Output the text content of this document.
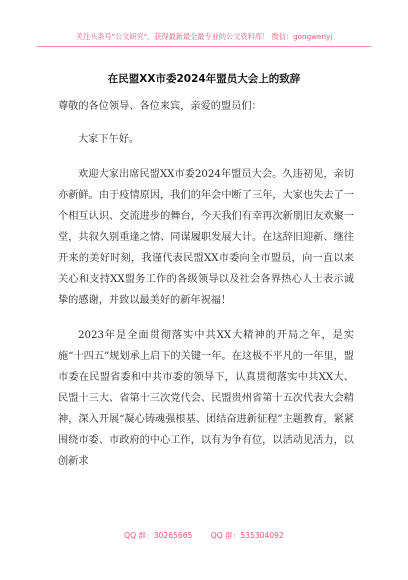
关注头条号"公文研究"，获得最新最全最专业的公文资料库！ 微信：gongwenyj
在民盟XX市委2024年盟员大会上的致辞

尊敬的各位领导、各位来宾，亲爱的盟员们：

大家下午好。

欢迎大家出席民盟XX市委2024年盟员大会。久违初见，亲切亦新鲜。由于疫情原因，我们的年会中断了三年，大家也失去了一个相互认识、交流进步的舞台，今天我们有幸再次新朋旧友欢聚一堂，共叙久别重逢之情、同谋履职发展大计。在这辞旧迎新、继往开来的美好时刻，我谨代表民盟XX市委向全市盟员，向一直以来关心和支持XX盟务工作的各级领导以及社会各界热心人士表示诚挚的感谢，并致以最美好的新年祝福！

2023年是全面贯彻落实中共XX大精神的开局之年，是实施“十四五”规划承上启下的关键一年。在这极不平凡的一年里，盟市委在民盟省委和中共市委的领导下，认真贯彻落实中共XX大、民盟十三大、省第十三次党代会、民盟贵州省第十五次代表大会精神，深入开展“凝心铸魂强根基、团结奋进新征程”主题教育，紧紧围绕市委、市政府的中心工作，以有为争有位，以活动见活力，以创新求

QQ 群：30265665 QQ 群：535304092
